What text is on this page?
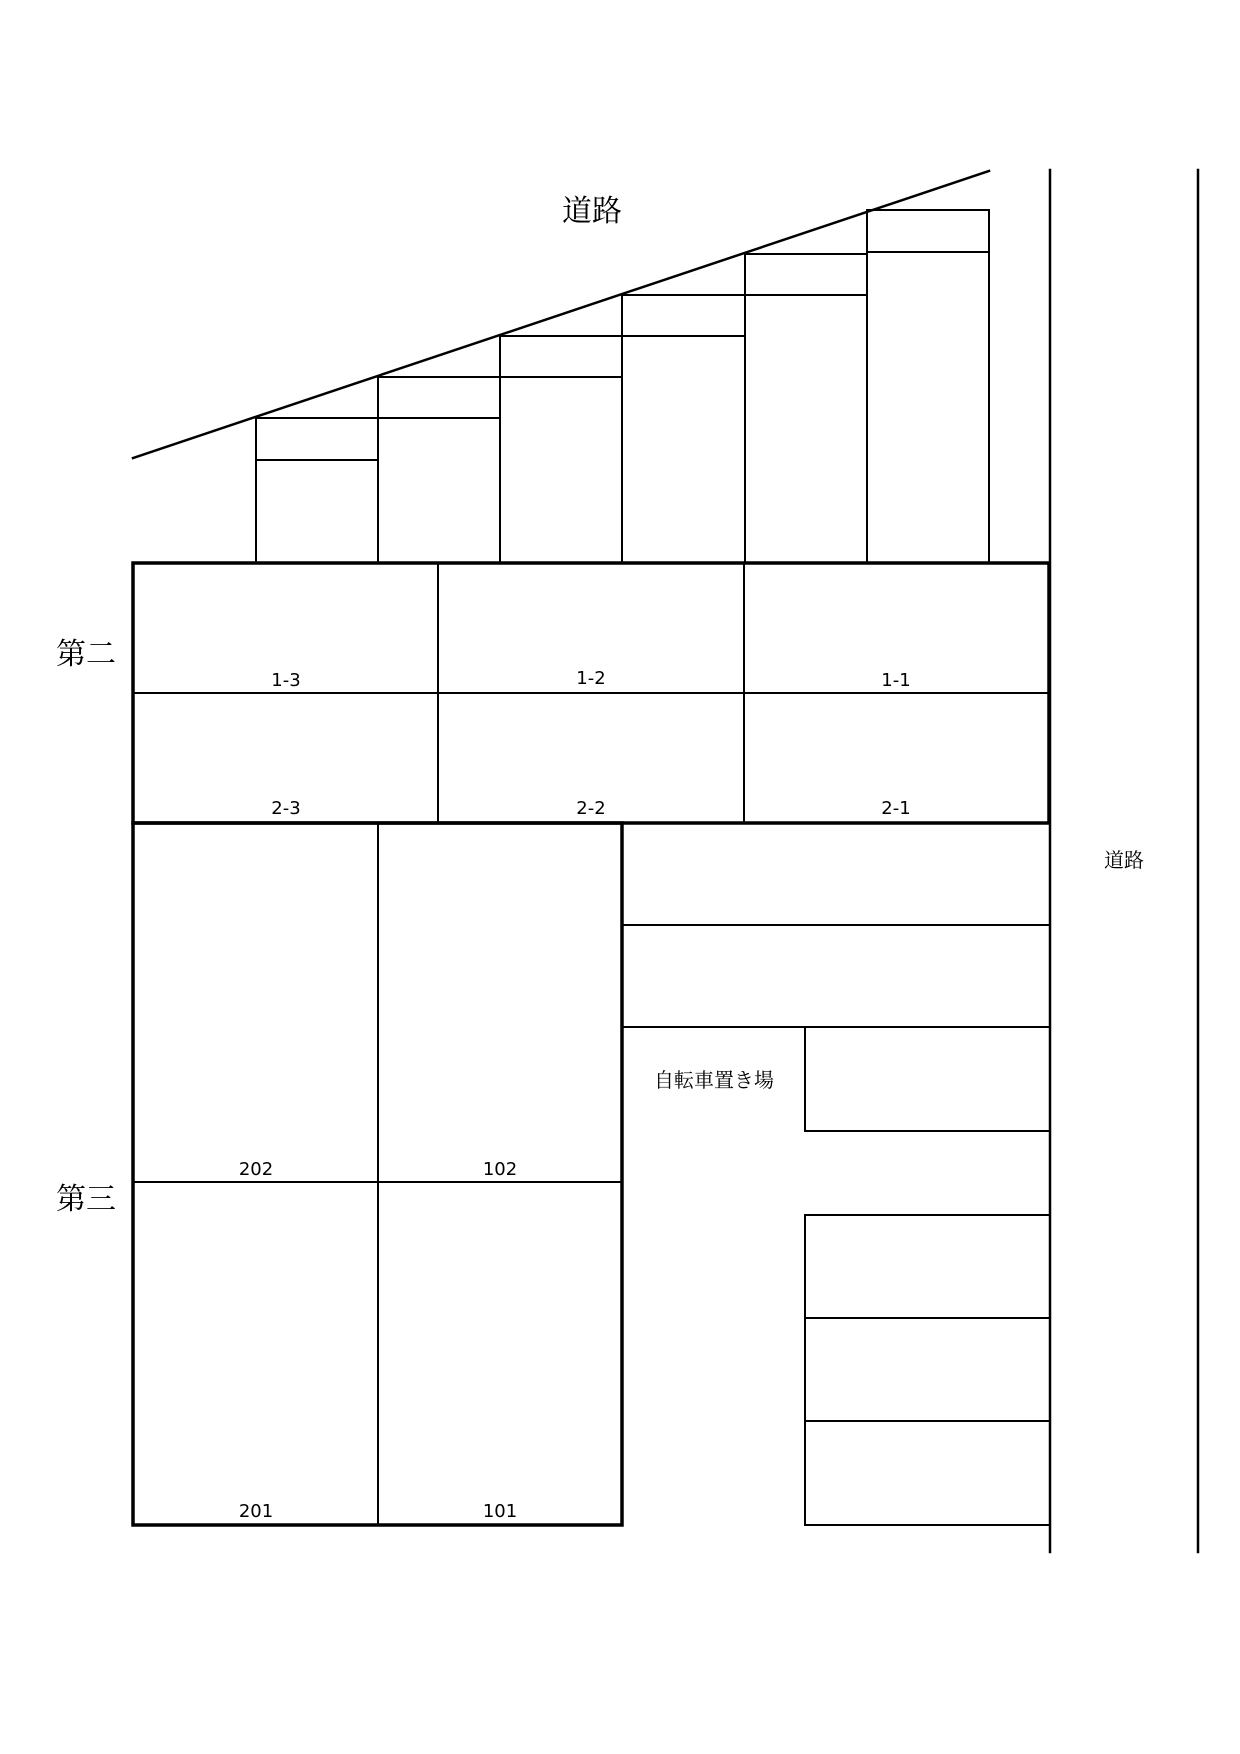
道路
道路
第二
第三
自転車置き場
1-3	1-2	1-1
2-3	2-2	2-1
202	102
201	101
